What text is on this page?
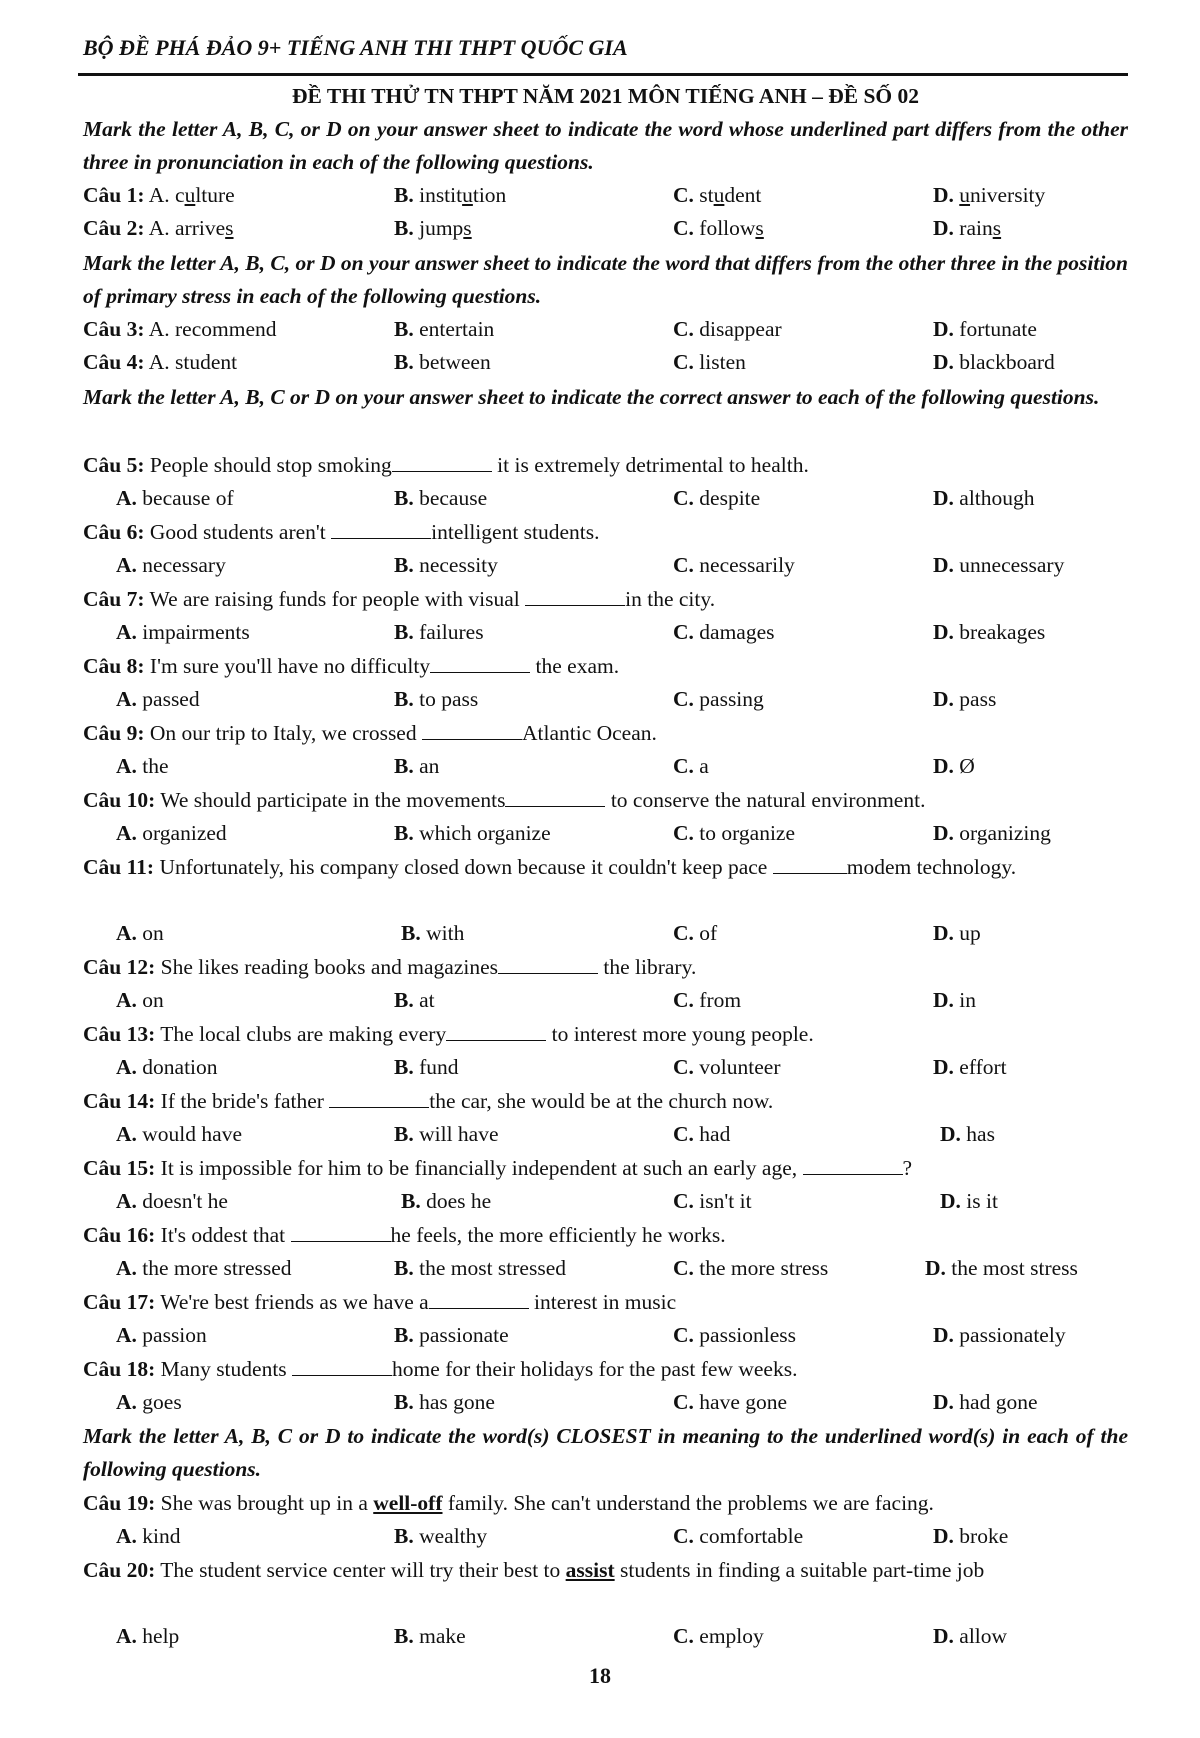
BỘ ĐỀ PHÁ ĐẢO 9+ TIẾNG ANH THI THPT QUỐC GIA
ĐỀ THI THỬ TN THPT NĂM 2021 MÔN TIẾNG ANH – ĐỀ SỐ 02
Mark the letter A, B, C, or D on your answer sheet to indicate the word whose underlined part differs from the other three in pronunciation in each of the following questions.
Câu 1: A. culture	B. institution	C. student	D. university
Câu 2: A. arrives	B. jumps	C. follows	D. rains
Mark the letter A, B, C, or D on your answer sheet to indicate the word that differs from the other three in the position of primary stress in each of the following questions.
Câu 3: A. recommend	B. entertain	C. disappear	D. fortunate
Câu 4: A. student	B. between	C. listen	D. blackboard
Mark the letter A, B, C or D on your answer sheet to indicate the correct answer to each of the following questions.
Câu 5: People should stop smoking	it is extremely detrimental to health.
A. because of	B. because	C. despite	D. although
Câu 6: Good students aren't	intelligent students.
A. necessary	B. necessity	C. necessarily	D. unnecessary
Câu 7: We are raising funds for people with visual	in the city.
A. impairments	B. failures	C. damages	D. breakages
Câu 8: I'm sure you'll have no difficulty	the exam.
A. passed	B. to pass	C. passing	D. pass
Câu 9: On our trip to Italy, we crossed	Atlantic Ocean.
A. the	B. an	C. a	D. Ø
Câu 10: We should participate in the movements	to conserve the natural environment.
A. organized	B. which organize	C. to organize	D. organizing
Câu 11: Unfortunately, his company closed down because it couldn't keep pace	modem technology.
A. on	B. with	C. of	D. up
Câu 12: She likes reading books and magazines	the library.
A. on	B. at	C. from	D. in
Câu 13: The local clubs are making every	to interest more young people.
A. donation	B. fund	C. volunteer	D. effort
Câu 14: If the bride's father	the car, she would be at the church now.
A. would have	B. will have	C. had	D. has
Câu 15: It is impossible for him to be financially independent at such an early age,	?
A. doesn't he	B. does he	C. isn't it	D. is it
Câu 16: It's oddest that	he feels, the more efficiently he works.
A. the more stressed	B. the most stressed	C. the more stress	D. the most stress
Câu 17: We're best friends as we have a	interest in music
A. passion	B. passionate	C. passionless	D. passionately
Câu 18: Many students	home for their holidays for the past few weeks.
A. goes	B. has gone	C. have gone	D. had gone
Mark the letter A, B, C or D to indicate the word(s) CLOSEST in meaning to the underlined word(s) in each of the following questions.
Câu 19: She was brought up in a well-off family. She can't understand the problems we are facing.
A. kind	B. wealthy	C. comfortable	D. broke
Câu 20: The student service center will try their best to assist students in finding a suitable part-time job
A. help	B. make	C. employ	D. allow
18
